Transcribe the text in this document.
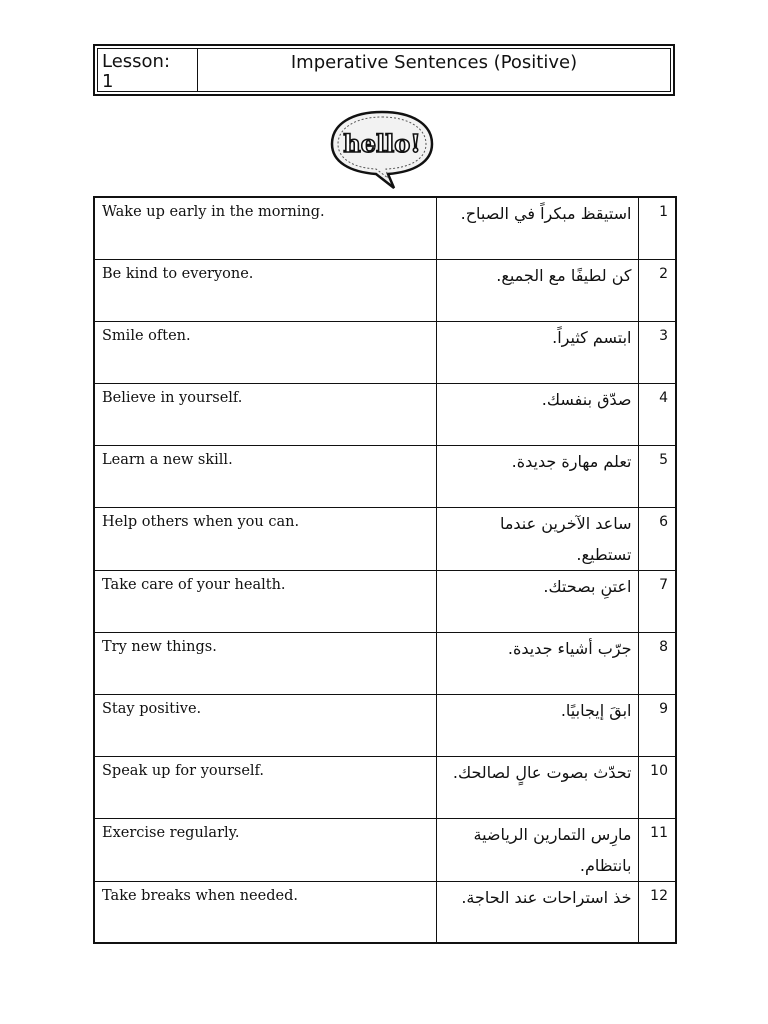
Lesson:
1
Imperative Sentences (Positive)
hello!
Wake up early in the morning.	استيقظ مبكراً في الصباح.	1
Be kind to everyone.	كن لطيفًا مع الجميع.	2
Smile often.	ابتسم كثيراً.	3
Believe in yourself.	صدّق بنفسك.	4
Learn a new skill.	تعلم مهارة جديدة.	5
Help others when you can.	ساعد الآخرين عندما تستطيع.	6
Take care of your health.	اعتنِ بصحتك.	7
Try new things.	جرّب أشياء جديدة.	8
Stay positive.	ابقَ إيجابيًا.	9
Speak up for yourself.	تحدّث بصوت عالٍ لصالحك.	10
Exercise regularly.	مارِس التمارين الرياضية بانتظام.	11
Take breaks when needed.	خذ استراحات عند الحاجة.	12
